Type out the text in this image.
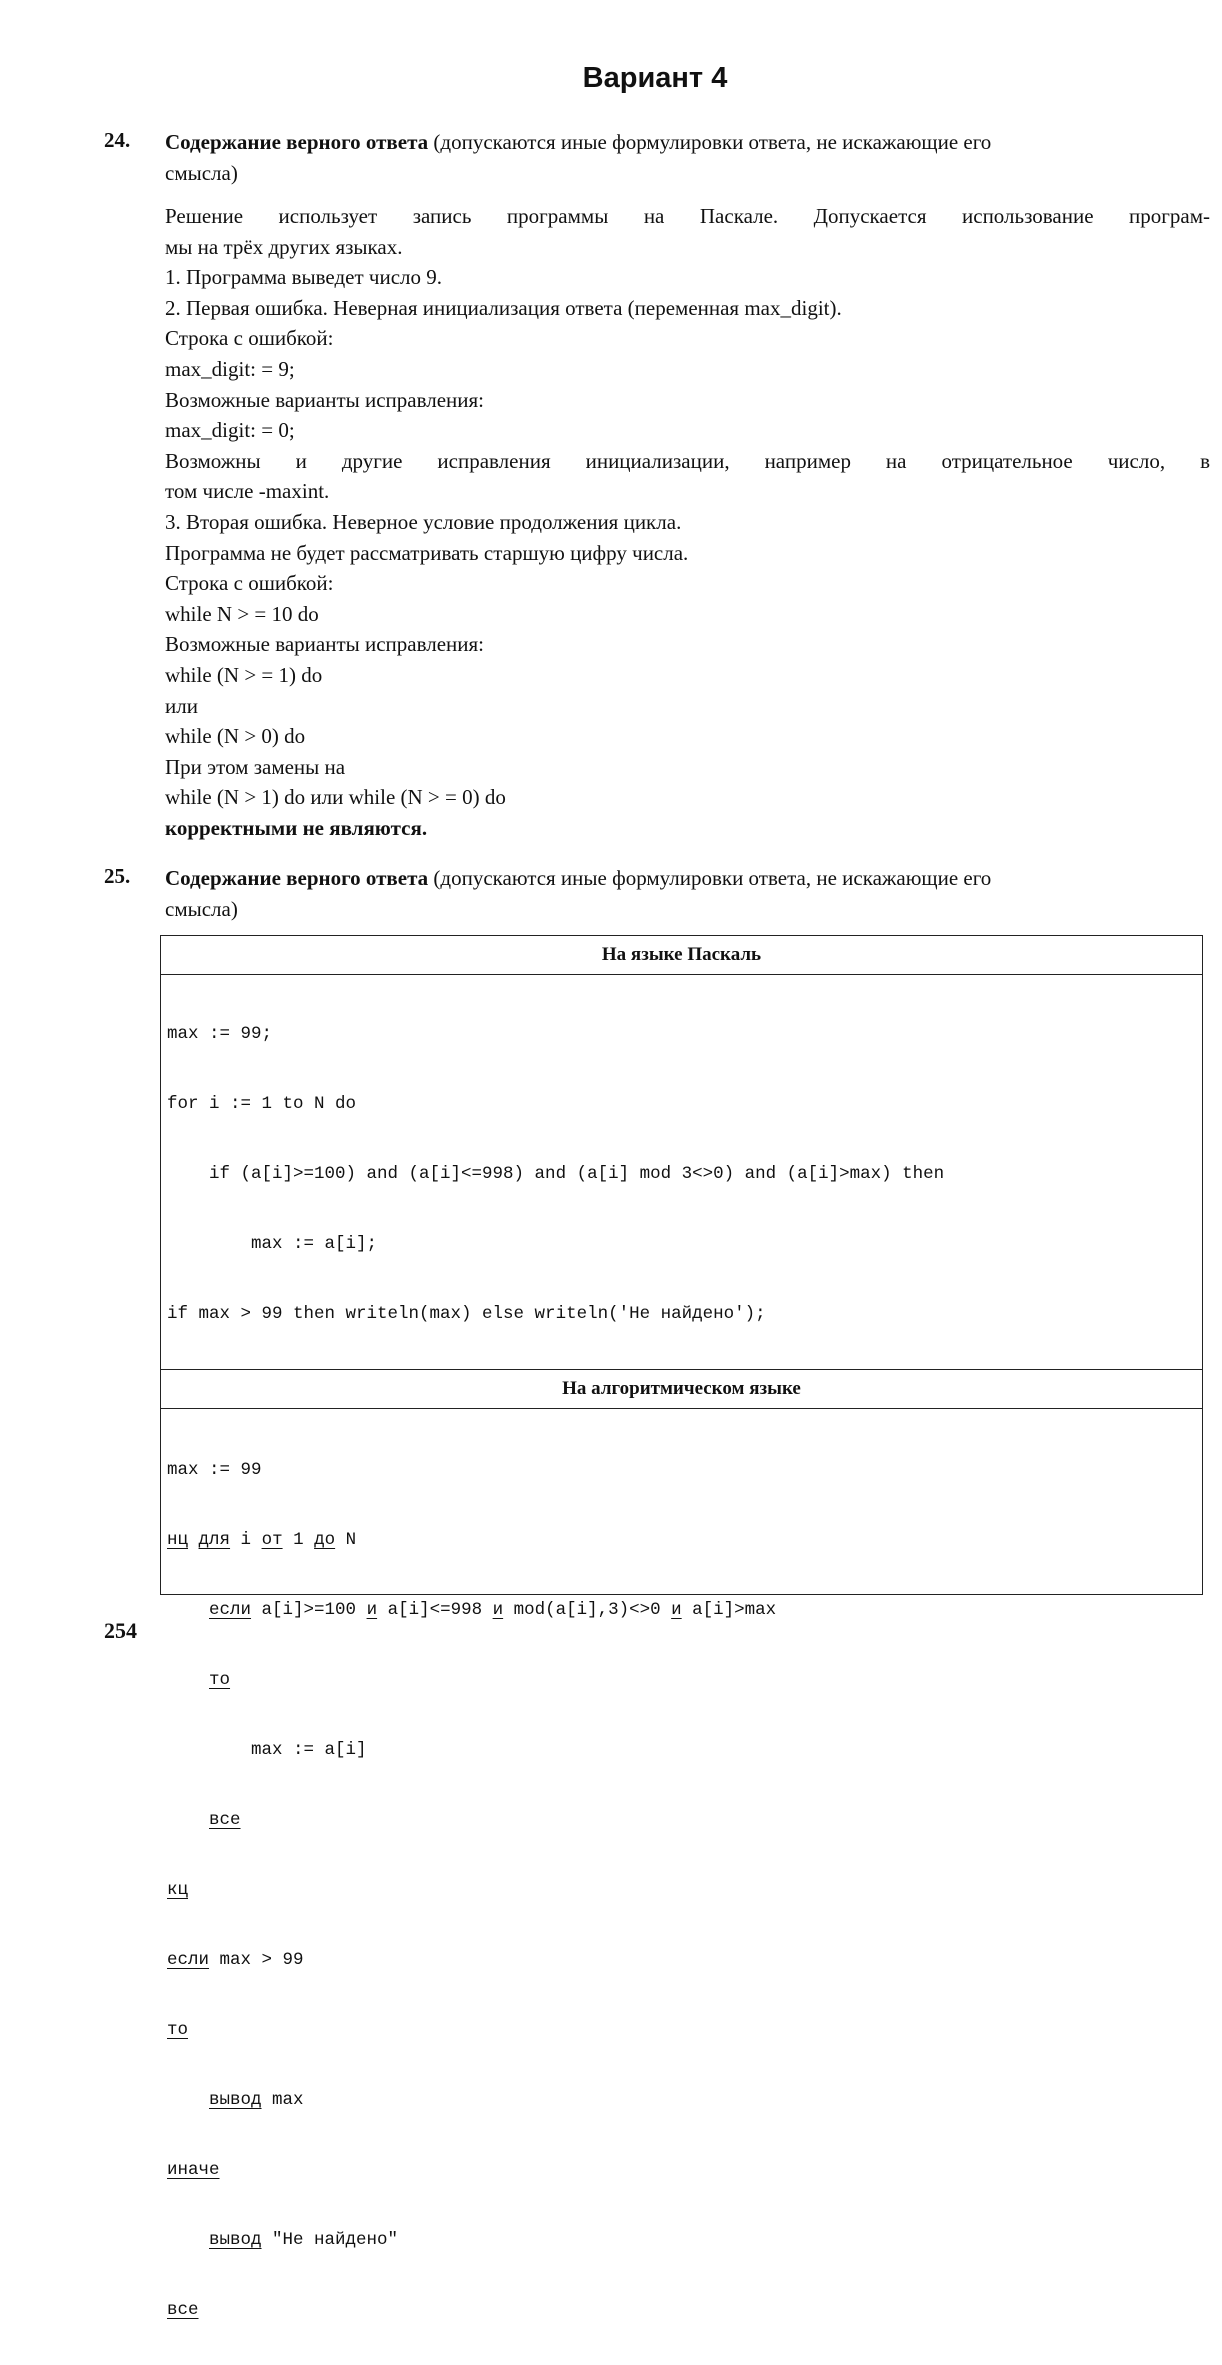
Вариант 4
24. Содержание верного ответа (допускаются иные формулировки ответа, не искажающие его
смысла)
Решение использует запись программы на Паскале. Допускается использование програм-
мы на трёх других языках.
1. Программа выведет число 9.
2. Первая ошибка. Неверная инициализация ответа (переменная max_digit).
Строка с ошибкой:
max_digit: = 9;
Возможные варианты исправления:
max_digit: = 0;
Возможны и другие исправления инициализации, например на отрицательное число, в
том числе -maxint.
3. Вторая ошибка. Неверное условие продолжения цикла.
Программа не будет рассматривать старшую цифру числа.
Строка с ошибкой:
while N > = 10 do
Возможные варианты исправления:
while (N > = 1) do
или
while (N > 0) do
При этом замены на
while (N > 1) do или while (N > = 0) do
корректными не являются.
25. Содержание верного ответа (допускаются иные формулировки ответа, не искажающие его
смысла)
На языке Паскаль

max := 99;

for i := 1 to N do

if (a[i]>=100) and (a[i]<=998) and (a[i] mod 3<>0) and (a[i]>max) then

max := a[i];

if max > 99 then writeln(max) else writeln('Не найдено');

На алгоритмическом языке

max := 99

нц для i от 1 до N

если a[i]>=100 и a[i]<=998 и mod(a[i],3)<>0 и a[i]>max

то

max := a[i]

все

кц

если max > 99

то

вывод max

иначе

вывод "Не найдено"

все

254
